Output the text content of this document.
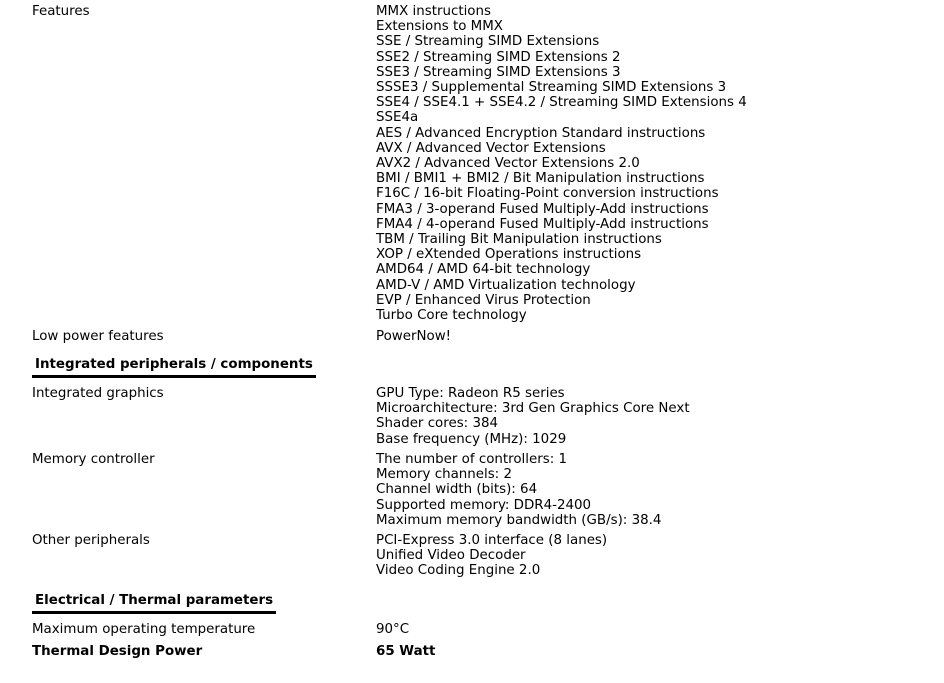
Features	MMX instructions
Extensions to MMX
SSE / Streaming SIMD Extensions
SSE2 / Streaming SIMD Extensions 2
SSE3 / Streaming SIMD Extensions 3
SSSE3 / Supplemental Streaming SIMD Extensions 3
SSE4 / SSE4.1 + SSE4.2 / Streaming SIMD Extensions 4
SSE4a
AES / Advanced Encryption Standard instructions
AVX / Advanced Vector Extensions
AVX2 / Advanced Vector Extensions 2.0
BMI / BMI1 + BMI2 / Bit Manipulation instructions
F16C / 16-bit Floating-Point conversion instructions
FMA3 / 3-operand Fused Multiply-Add instructions
FMA4 / 4-operand Fused Multiply-Add instructions
TBM / Trailing Bit Manipulation instructions
XOP / eXtended Operations instructions
AMD64 / AMD 64-bit technology
AMD-V / AMD Virtualization technology
EVP / Enhanced Virus Protection
Turbo Core technology
Low power features	PowerNow!
Integrated peripherals / components
Integrated graphics	GPU Type: Radeon R5 series
Microarchitecture: 3rd Gen Graphics Core Next
Shader cores: 384
Base frequency (MHz): 1029
Memory controller	The number of controllers: 1
Memory channels: 2
Channel width (bits): 64
Supported memory: DDR4-2400
Maximum memory bandwidth (GB/s): 38.4
Other peripherals	PCI-Express 3.0 interface (8 lanes)
Unified Video Decoder
Video Coding Engine 2.0
Electrical / Thermal parameters
Maximum operating temperature	90°C
Thermal Design Power	65 Watt
